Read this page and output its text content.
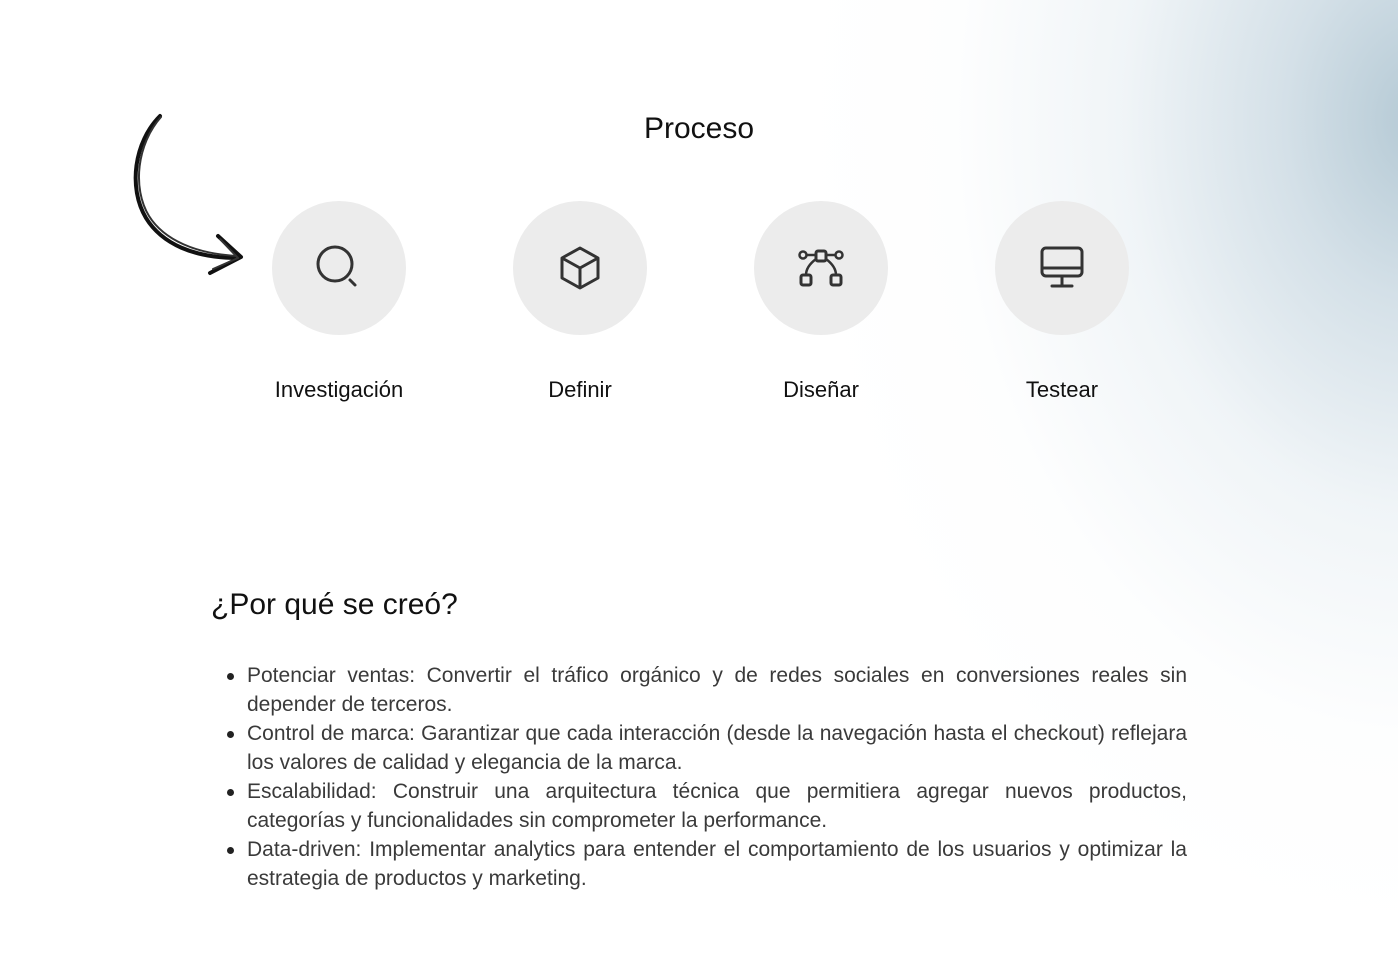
Proceso
Investigación	Definir	Diseñar	Testear
¿Por qué se creó?
Potenciar ventas: Convertir el tráfico orgánico y de redes sociales en conversiones reales sin depender de terceros.
Control de marca: Garantizar que cada interacción (desde la navegación hasta el checkout) reflejara los valores de calidad y elegancia de la marca.
Escalabilidad: Construir una arquitectura técnica que permitiera agregar nuevos productos, categorías y funcionalidades sin comprometer la performance.
Data-driven: Implementar analytics para entender el comportamiento de los usuarios y optimizar la estrategia de productos y marketing.
